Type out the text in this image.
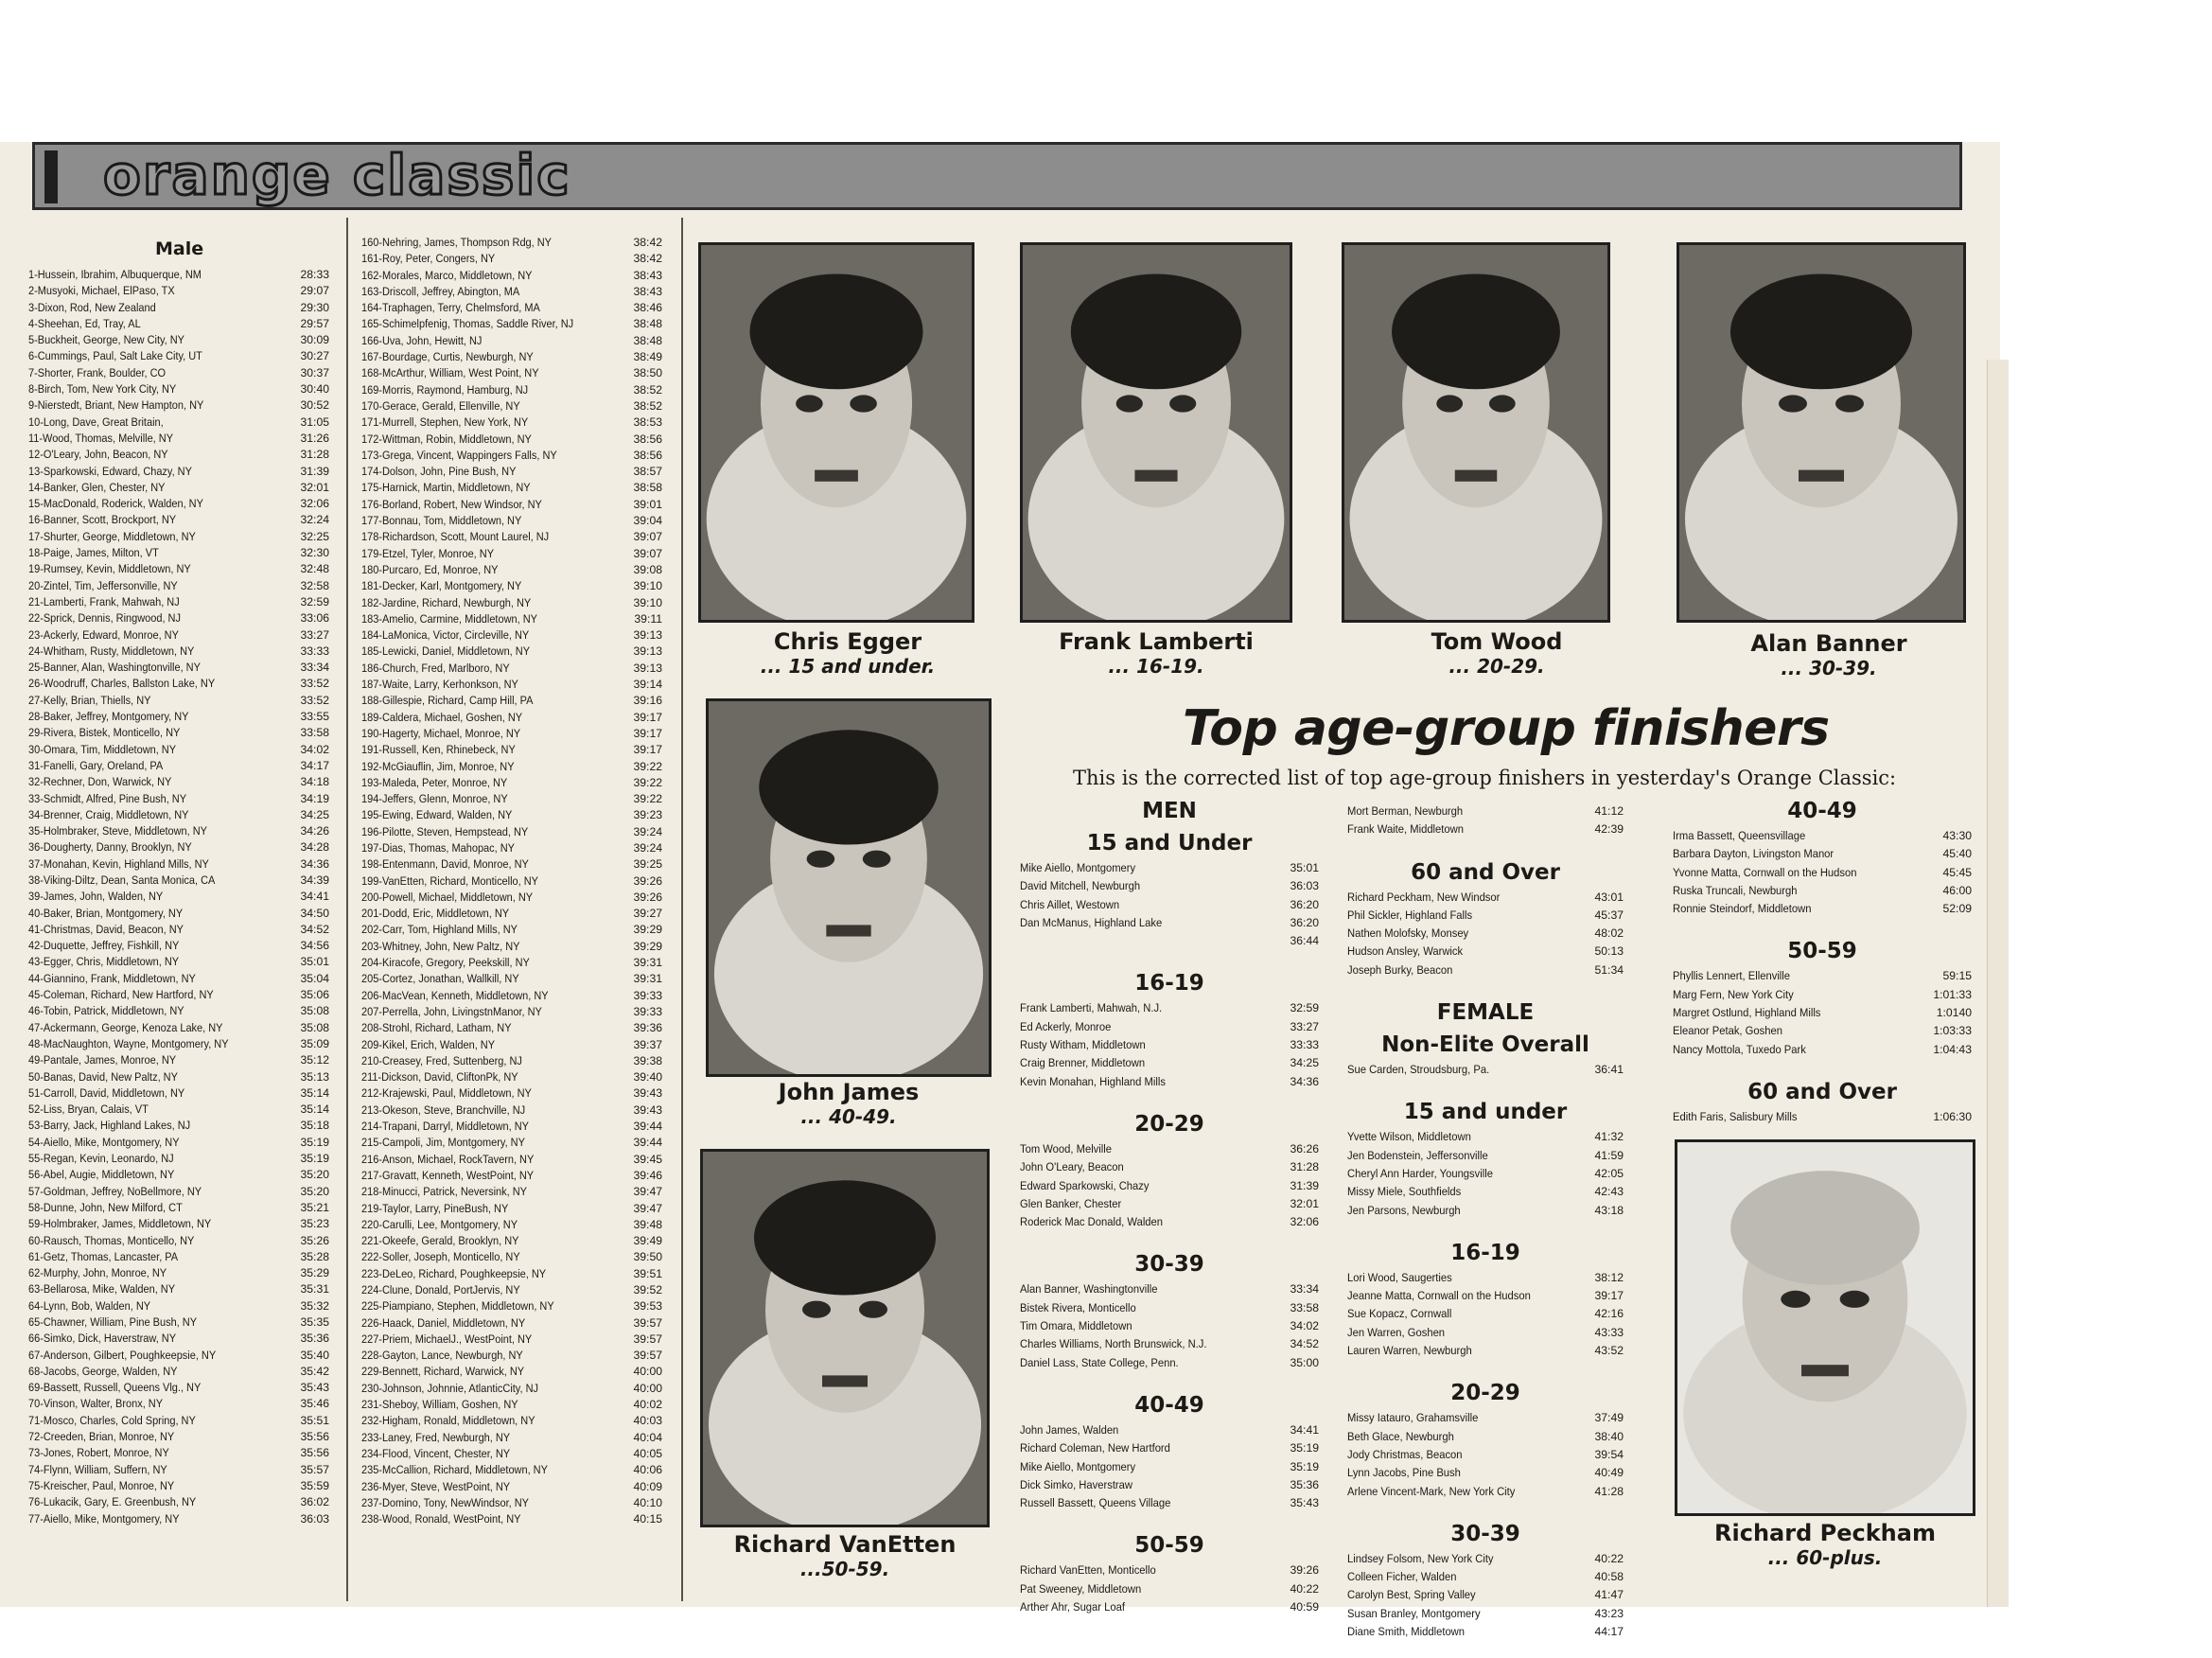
orange classic
Male
1-Hussein, Ibrahim, Albuquerque, NM	28:33
2-Musyoki, Michael, ElPaso, TX	29:07
3-Dixon, Rod, New Zealand	29:30
4-Sheehan, Ed, Tray, AL	29:57
5-Buckheit, George, New City, NY	30:09
6-Cummings, Paul, Salt Lake City, UT	30:27
7-Shorter, Frank, Boulder, CO	30:37
8-Birch, Tom, New York City, NY	30:40
9-Nierstedt, Briant, New Hampton, NY	30:52
10-Long, Dave, Great Britain,	31:05
11-Wood, Thomas, Melville, NY	31:26
12-O'Leary, John, Beacon, NY	31:28
13-Sparkowski, Edward, Chazy, NY	31:39
14-Banker, Glen, Chester, NY	32:01
15-MacDonald, Roderick, Walden, NY	32:06
16-Banner, Scott, Brockport, NY	32:24
17-Shurter, George, Middletown, NY	32:25
18-Paige, James, Milton, VT	32:30
19-Rumsey, Kevin, Middletown, NY	32:48
20-Zintel, Tim, Jeffersonville, NY	32:58
21-Lamberti, Frank, Mahwah, NJ	32:59
22-Sprick, Dennis, Ringwood, NJ	33:06
23-Ackerly, Edward, Monroe, NY	33:27
24-Whitham, Rusty, Middletown, NY	33:33
25-Banner, Alan, Washingtonville, NY	33:34
26-Woodruff, Charles, Ballston Lake, NY	33:52
27-Kelly, Brian, Thiells, NY	33:52
28-Baker, Jeffrey, Montgomery, NY	33:55
29-Rivera, Bistek, Monticello, NY	33:58
30-Omara, Tim, Middletown, NY	34:02
31-Fanelli, Gary, Oreland, PA	34:17
32-Rechner, Don, Warwick, NY	34:18
33-Schmidt, Alfred, Pine Bush, NY	34:19
34-Brenner, Craig, Middletown, NY	34:25
35-Holmbraker, Steve, Middletown, NY	34:26
36-Dougherty, Danny, Brooklyn, NY	34:28
37-Monahan, Kevin, Highland Mills, NY	34:36
38-Viking-Diltz, Dean, Santa Monica, CA	34:39
39-James, John, Walden, NY	34:41
40-Baker, Brian, Montgomery, NY	34:50
41-Christmas, David, Beacon, NY	34:52
42-Duquette, Jeffrey, Fishkill, NY	34:56
43-Egger, Chris, Middletown, NY	35:01
44-Giannino, Frank, Middletown, NY	35:04
45-Coleman, Richard, New Hartford, NY	35:06
46-Tobin, Patrick, Middletown, NY	35:08
47-Ackermann, George, Kenoza Lake, NY	35:08
48-MacNaughton, Wayne, Montgomery, NY	35:09
49-Pantale, James, Monroe, NY	35:12
50-Banas, David, New Paltz, NY	35:13
51-Carroll, David, Middletown, NY	35:14
52-Liss, Bryan, Calais, VT	35:14
53-Barry, Jack, Highland Lakes, NJ	35:18
54-Aiello, Mike, Montgomery, NY	35:19
55-Regan, Kevin, Leonardo, NJ	35:19
56-Abel, Augie, Middletown, NY	35:20
57-Goldman, Jeffrey, NoBellmore, NY	35:20
58-Dunne, John, New Milford, CT	35:21
59-Holmbraker, James, Middletown, NY	35:23
60-Rausch, Thomas, Monticello, NY	35:26
61-Getz, Thomas, Lancaster, PA	35:28
62-Murphy, John, Monroe, NY	35:29
63-Bellarosa, Mike, Walden, NY	35:31
64-Lynn, Bob, Walden, NY	35:32
65-Chawner, William, Pine Bush, NY	35:35
66-Simko, Dick, Haverstraw, NY	35:36
67-Anderson, Gilbert, Poughkeepsie, NY	35:40
68-Jacobs, George, Walden, NY	35:42
69-Bassett, Russell, Queens Vlg., NY	35:43
70-Vinson, Walter, Bronx, NY	35:46
71-Mosco, Charles, Cold Spring, NY	35:51
72-Creeden, Brian, Monroe, NY	35:56
73-Jones, Robert, Monroe, NY	35:56
74-Flynn, William, Suffern, NY	35:57
75-Kreischer, Paul, Monroe, NY	35:59
76-Lukacik, Gary, E. Greenbush, NY	36:02
77-Aiello, Mike, Montgomery, NY	36:03
160-Nehring, James, Thompson Rdg, NY	38:42
161-Roy, Peter, Congers, NY	38:42
162-Morales, Marco, Middletown, NY	38:43
163-Driscoll, Jeffrey, Abington, MA	38:43
164-Traphagen, Terry, Chelmsford, MA	38:46
165-Schimelpfenig, Thomas, Saddle River, NJ	38:48
166-Uva, John, Hewitt, NJ	38:48
167-Bourdage, Curtis, Newburgh, NY	38:49
168-McArthur, William, West Point, NY	38:50
169-Morris, Raymond, Hamburg, NJ	38:52
170-Gerace, Gerald, Ellenville, NY	38:52
171-Murrell, Stephen, New York, NY	38:53
172-Wittman, Robin, Middletown, NY	38:56
173-Grega, Vincent, Wappingers Falls, NY	38:56
174-Dolson, John, Pine Bush, NY	38:57
175-Harnick, Martin, Middletown, NY	38:58
176-Borland, Robert, New Windsor, NY	39:01
177-Bonnau, Tom, Middletown, NY	39:04
178-Richardson, Scott, Mount Laurel, NJ	39:07
179-Etzel, Tyler, Monroe, NY	39:07
180-Purcaro, Ed, Monroe, NY	39:08
181-Decker, Karl, Montgomery, NY	39:10
182-Jardine, Richard, Newburgh, NY	39:10
183-Amelio, Carmine, Middletown, NY	39:11
184-LaMonica, Victor, Circleville, NY	39:13
185-Lewicki, Daniel, Middletown, NY	39:13
186-Church, Fred, Marlboro, NY	39:13
187-Waite, Larry, Kerhonkson, NY	39:14
188-Gillespie, Richard, Camp Hill, PA	39:16
189-Caldera, Michael, Goshen, NY	39:17
190-Hagerty, Michael, Monroe, NY	39:17
191-Russell, Ken, Rhinebeck, NY	39:17
192-McGiauflin, Jim, Monroe, NY	39:22
193-Maleda, Peter, Monroe, NY	39:22
194-Jeffers, Glenn, Monroe, NY	39:22
195-Ewing, Edward, Walden, NY	39:23
196-Pilotte, Steven, Hempstead, NY	39:24
197-Dias, Thomas, Mahopac, NY	39:24
198-Entenmann, David, Monroe, NY	39:25
199-VanEtten, Richard, Monticello, NY	39:26
200-Powell, Michael, Middletown, NY	39:26
201-Dodd, Eric, Middletown, NY	39:27
202-Carr, Tom, Highland Mills, NY	39:29
203-Whitney, John, New Paltz, NY	39:29
204-Kiracofe, Gregory, Peekskill, NY	39:31
205-Cortez, Jonathan, Wallkill, NY	39:31
206-MacVean, Kenneth, Middletown, NY	39:33
207-Perrella, John, LivingstnManor, NY	39:33
208-Strohl, Richard, Latham, NY	39:36
209-Kikel, Erich, Walden, NY	39:37
210-Creasey, Fred, Suttenberg, NJ	39:38
211-Dickson, David, CliftonPk, NY	39:40
212-Krajewski, Paul, Middletown, NY	39:43
213-Okeson, Steve, Branchville, NJ	39:43
214-Trapani, Darryl, Middletown, NY	39:44
215-Campoli, Jim, Montgomery, NY	39:44
216-Anson, Michael, RockTavern, NY	39:45
217-Gravatt, Kenneth, WestPoint, NY	39:46
218-Minucci, Patrick, Neversink, NY	39:47
219-Taylor, Larry, PineBush, NY	39:47
220-Carulli, Lee, Montgomery, NY	39:48
221-Okeefe, Gerald, Brooklyn, NY	39:49
222-Soller, Joseph, Monticello, NY	39:50
223-DeLeo, Richard, Poughkeepsie, NY	39:51
224-Clune, Donald, PortJervis, NY	39:52
225-Piampiano, Stephen, Middletown, NY	39:53
226-Haack, Daniel, Middletown, NY	39:57
227-Priem, MichaelJ., WestPoint, NY	39:57
228-Gayton, Lance, Newburgh, NY	39:57
229-Bennett, Richard, Warwick, NY	40:00
230-Johnson, Johnnie, AtlanticCity, NJ	40:00
231-Sheboy, William, Goshen, NY	40:02
232-Higham, Ronald, Middletown, NY	40:03
233-Laney, Fred, Newburgh, NY	40:04
234-Flood, Vincent, Chester, NY	40:05
235-McCallion, Richard, Middletown, NY	40:06
236-Myer, Steve, WestPoint, NY	40:09
237-Domino, Tony, NewWindsor, NY	40:10
238-Wood, Ronald, WestPoint, NY	40:15
Chris Egger
... 15 and under.
Frank Lamberti
... 16-19.
Tom Wood
... 20-29.
Alan Banner
... 30-39.
John James
... 40-49.
Richard VanEtten
...50-59.
Richard Peckham
... 60-plus.
Top age-group finishers
This is the corrected list of top age-group finishers in yesterday's Orange Classic:
MEN
15 and Under
Mike Aiello, Montgomery	35:01
David Mitchell, Newburgh	36:03
Chris Aillet, Westown	36:20
Dan McManus, Highland Lake	36:20
36:44
16-19
Frank Lamberti, Mahwah, N.J.	32:59
Ed Ackerly, Monroe	33:27
Rusty Witham, Middletown	33:33
Craig Brenner, Middletown	34:25
Kevin Monahan, Highland Mills	34:36
20-29
Tom Wood, Melville	36:26
John O'Leary, Beacon	31:28
Edward Sparkowski, Chazy	31:39
Glen Banker, Chester	32:01
Roderick Mac Donald, Walden	32:06
30-39
Alan Banner, Washingtonville	33:34
Bistek Rivera, Monticello	33:58
Tim Omara, Middletown	34:02
Charles Williams, North Brunswick, N.J.	34:52
Daniel Lass, State College, Penn.	35:00
40-49
John James, Walden	34:41
Richard Coleman, New Hartford	35:19
Mike Aiello, Montgomery	35:19
Dick Simko, Haverstraw	35:36
Russell Bassett, Queens Village	35:43
50-59
Richard VanEtten, Monticello	39:26
Pat Sweeney, Middletown	40:22
Arther Ahr, Sugar Loaf	40:59
Mort Berman, Newburgh	41:12
Frank Waite, Middletown	42:39
60 and Over
Richard Peckham, New Windsor	43:01
Phil Sickler, Highland Falls	45:37
Nathen Molofsky, Monsey	48:02
Hudson Ansley, Warwick	50:13
Joseph Burky, Beacon	51:34
FEMALE
Non-Elite Overall
Sue Carden, Stroudsburg, Pa.	36:41
15 and under
Yvette Wilson, Middletown	41:32
Jen Bodenstein, Jeffersonville	41:59
Cheryl Ann Harder, Youngsville	42:05
Missy Miele, Southfields	42:43
Jen Parsons, Newburgh	43:18
16-19
Lori Wood, Saugerties	38:12
Jeanne Matta, Cornwall on the Hudson	39:17
Sue Kopacz, Cornwall	42:16
Jen Warren, Goshen	43:33
Lauren Warren, Newburgh	43:52
20-29
Missy Iatauro, Grahamsville	37:49
Beth Glace, Newburgh	38:40
Jody Christmas, Beacon	39:54
Lynn Jacobs, Pine Bush	40:49
Arlene Vincent-Mark, New York City	41:28
30-39
Lindsey Folsom, New York City	40:22
Colleen Ficher, Walden	40:58
Carolyn Best, Spring Valley	41:47
Susan Branley, Montgomery	43:23
Diane Smith, Middletown	44:17
40-49
Irma Bassett, Queensvillage	43:30
Barbara Dayton, Livingston Manor	45:40
Yvonne Matta, Cornwall on the Hudson	45:45
Ruska Truncali, Newburgh	46:00
Ronnie Steindorf, Middletown	52:09
50-59
Phyllis Lennert, Ellenville	59:15
Marg Fern, New York City	1:01:33
Margret Ostlund, Highland Mills	1:0140
Eleanor Petak, Goshen	1:03:33
Nancy Mottola, Tuxedo Park	1:04:43
60 and Over
Edith Faris, Salisbury Mills	1:06:30
